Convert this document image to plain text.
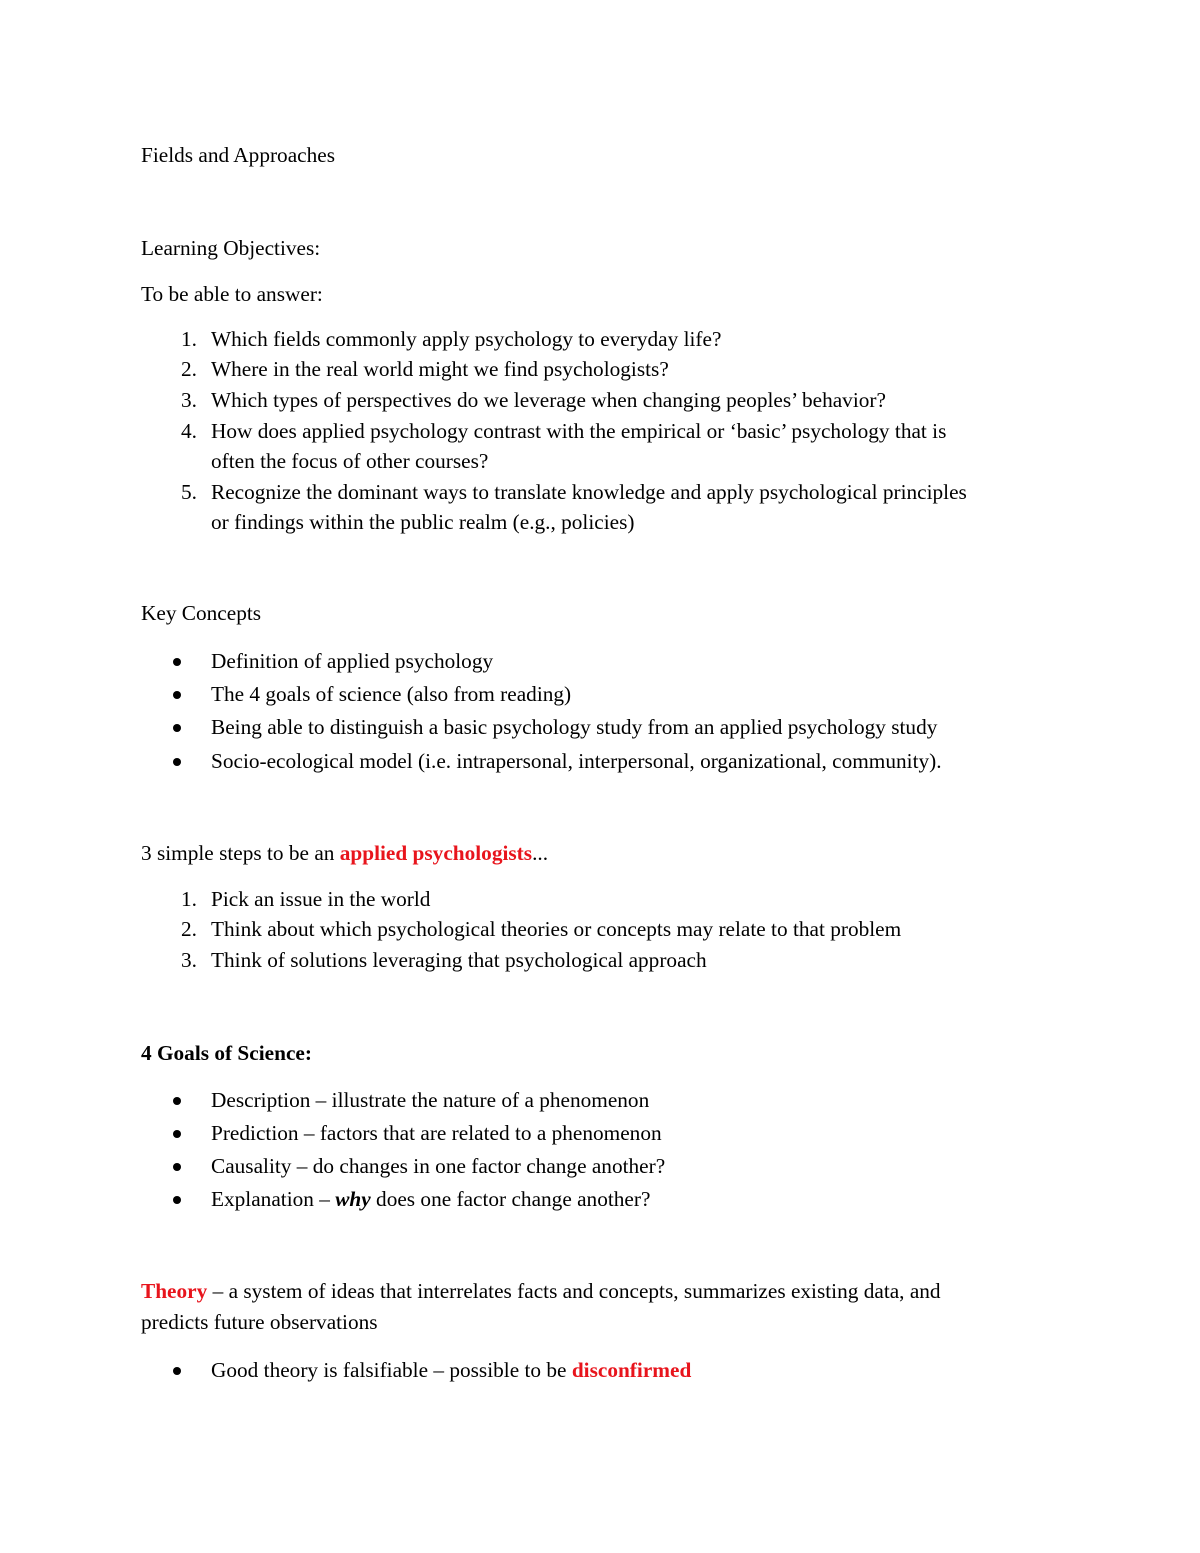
Fields and Approaches
Learning Objectives:
To be able to answer:
1. Which fields commonly apply psychology to everyday life?
2. Where in the real world might we find psychologists?
3. Which types of perspectives do we leverage when changing peoples’ behavior?
4. How does applied psychology contrast with the empirical or ‘basic’ psychology that is
often the focus of other courses?
5. Recognize the dominant ways to translate knowledge and apply psychological principles
or findings within the public realm (e.g., policies)
Key Concepts
Definition of applied psychology
The 4 goals of science (also from reading)
Being able to distinguish a basic psychology study from an applied psychology study
Socio-ecological model (i.e. intrapersonal, interpersonal, organizational, community).
3 simple steps to be an applied psychologists...
1. Pick an issue in the world
2. Think about which psychological theories or concepts may relate to that problem
3. Think of solutions leveraging that psychological approach
4 Goals of Science:
Description – illustrate the nature of a phenomenon
Prediction – factors that are related to a phenomenon
Causality – do changes in one factor change another?
Explanation – why does one factor change another?
Theory – a system of ideas that interrelates facts and concepts, summarizes existing data, and
predicts future observations
Good theory is falsifiable – possible to be disconfirmed
